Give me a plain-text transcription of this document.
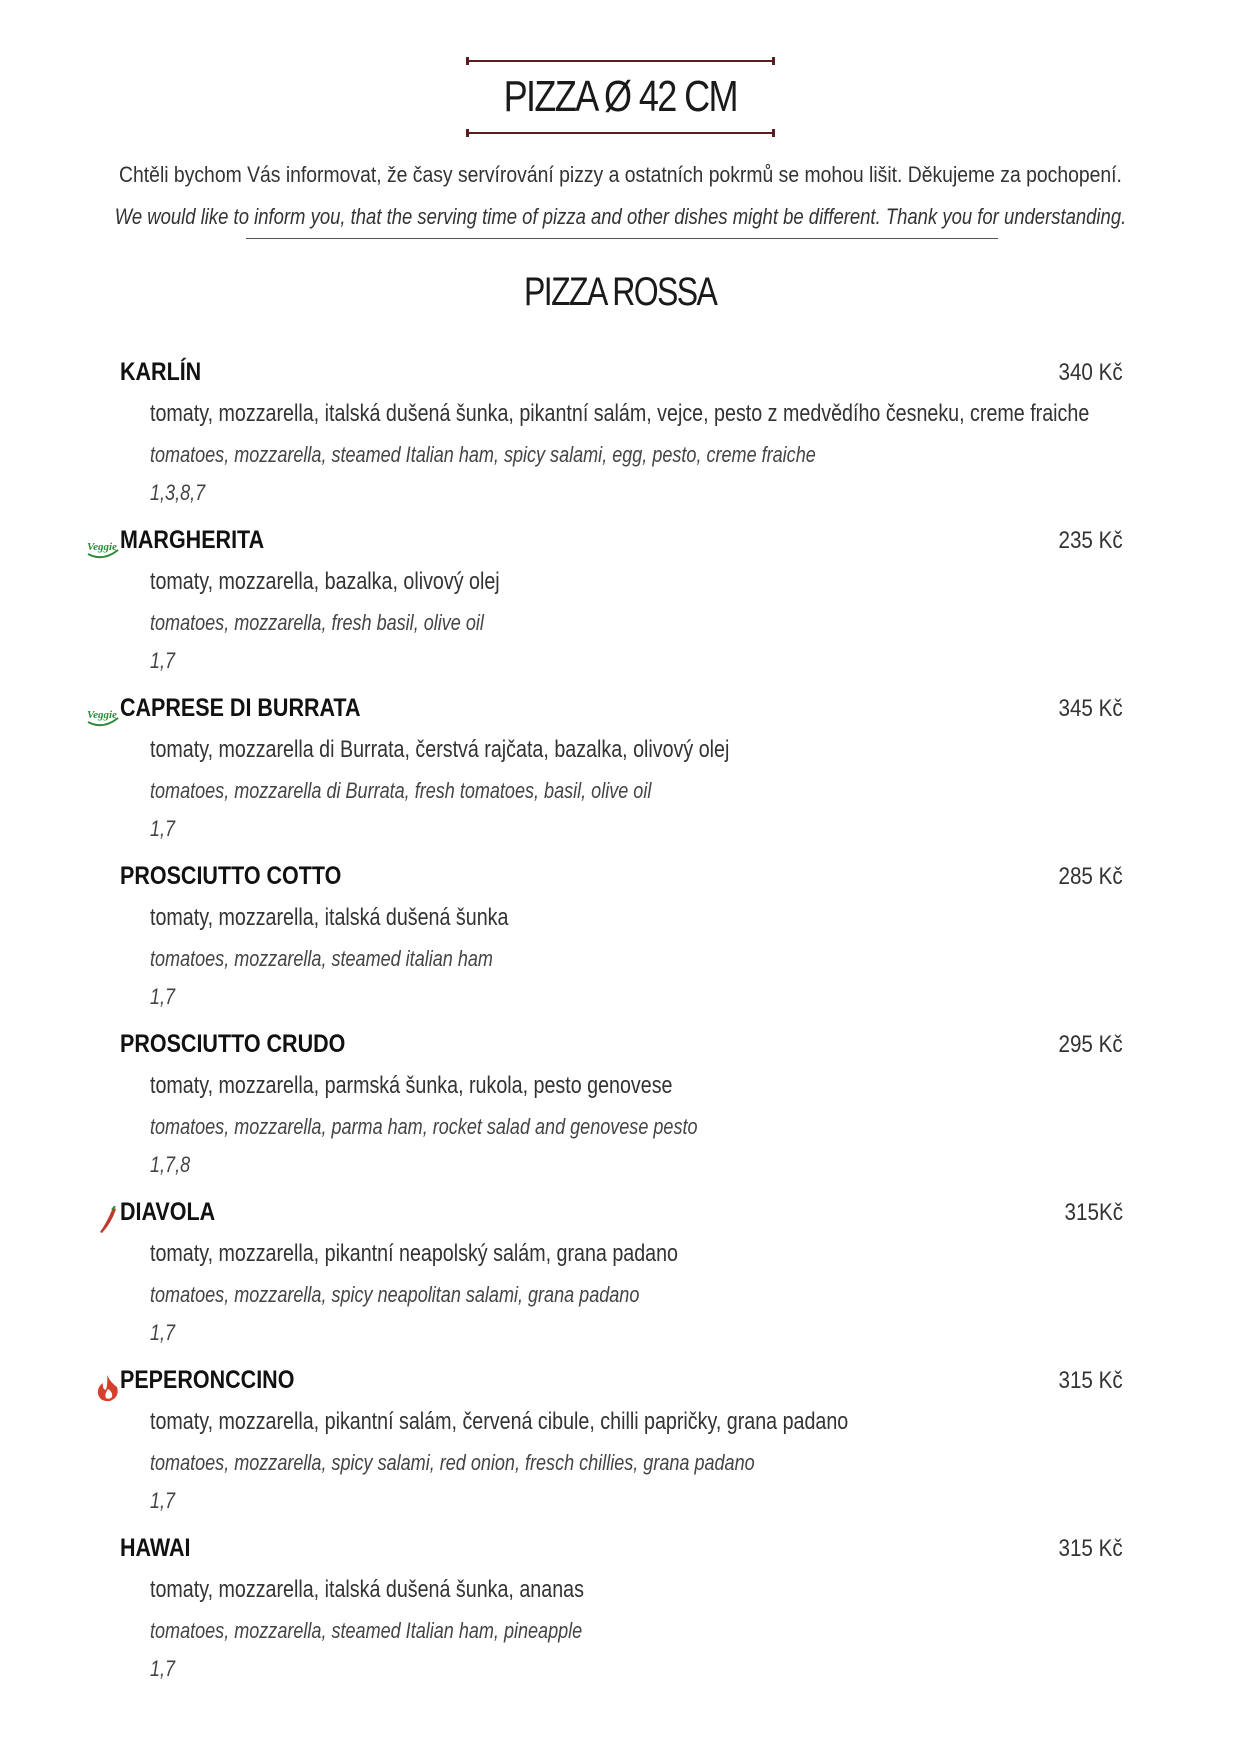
PIZZA Ø 42 CM
Chtěli bychom Vás informovat, že časy servírování pizzy a ostatních pokrmů se mohou lišit. Děkujeme za pochopení.
We would like to inform you, that the serving time of pizza and other dishes might be different. Thank you for understanding.
PIZZA ROSSA
KARLÍN	340 Kč
tomaty, mozzarella, italská dušená šunka, pikantní salám, vejce, pesto z medvědího česneku, creme fraiche
tomatoes, mozzarella, steamed Italian ham, spicy salami, egg, pesto, creme fraiche
1,3,8,7
Veggie MARGHERITA	235 Kč
tomaty, mozzarella, bazalka, olivový olej
tomatoes, mozzarella, fresh basil, olive oil
1,7
Veggie CAPRESE DI BURRATA	345 Kč
tomaty, mozzarella di Burrata, čerstvá rajčata, bazalka, olivový olej
tomatoes, mozzarella di Burrata, fresh tomatoes, basil, olive oil
1,7
PROSCIUTTO COTTO	285 Kč
tomaty, mozzarella, italská dušená šunka
tomatoes, mozzarella, steamed italian ham
1,7
PROSCIUTTO CRUDO	295 Kč
tomaty, mozzarella, parmská šunka, rukola, pesto genovese
tomatoes, mozzarella, parma ham, rocket salad and genovese pesto
1,7,8
DIAVOLA	315Kč
tomaty, mozzarella, pikantní neapolský salám, grana padano
tomatoes, mozzarella, spicy neapolitan salami, grana padano
1,7
PEPERONCCINO	315 Kč
tomaty, mozzarella, pikantní salám, červená cibule, chilli papričky, grana padano
tomatoes, mozzarella, spicy salami, red onion, fresch chillies, grana padano
1,7
HAWAI	315 Kč
tomaty, mozzarella, italská dušená šunka, ananas
tomatoes, mozzarella, steamed Italian ham, pineapple
1,7
